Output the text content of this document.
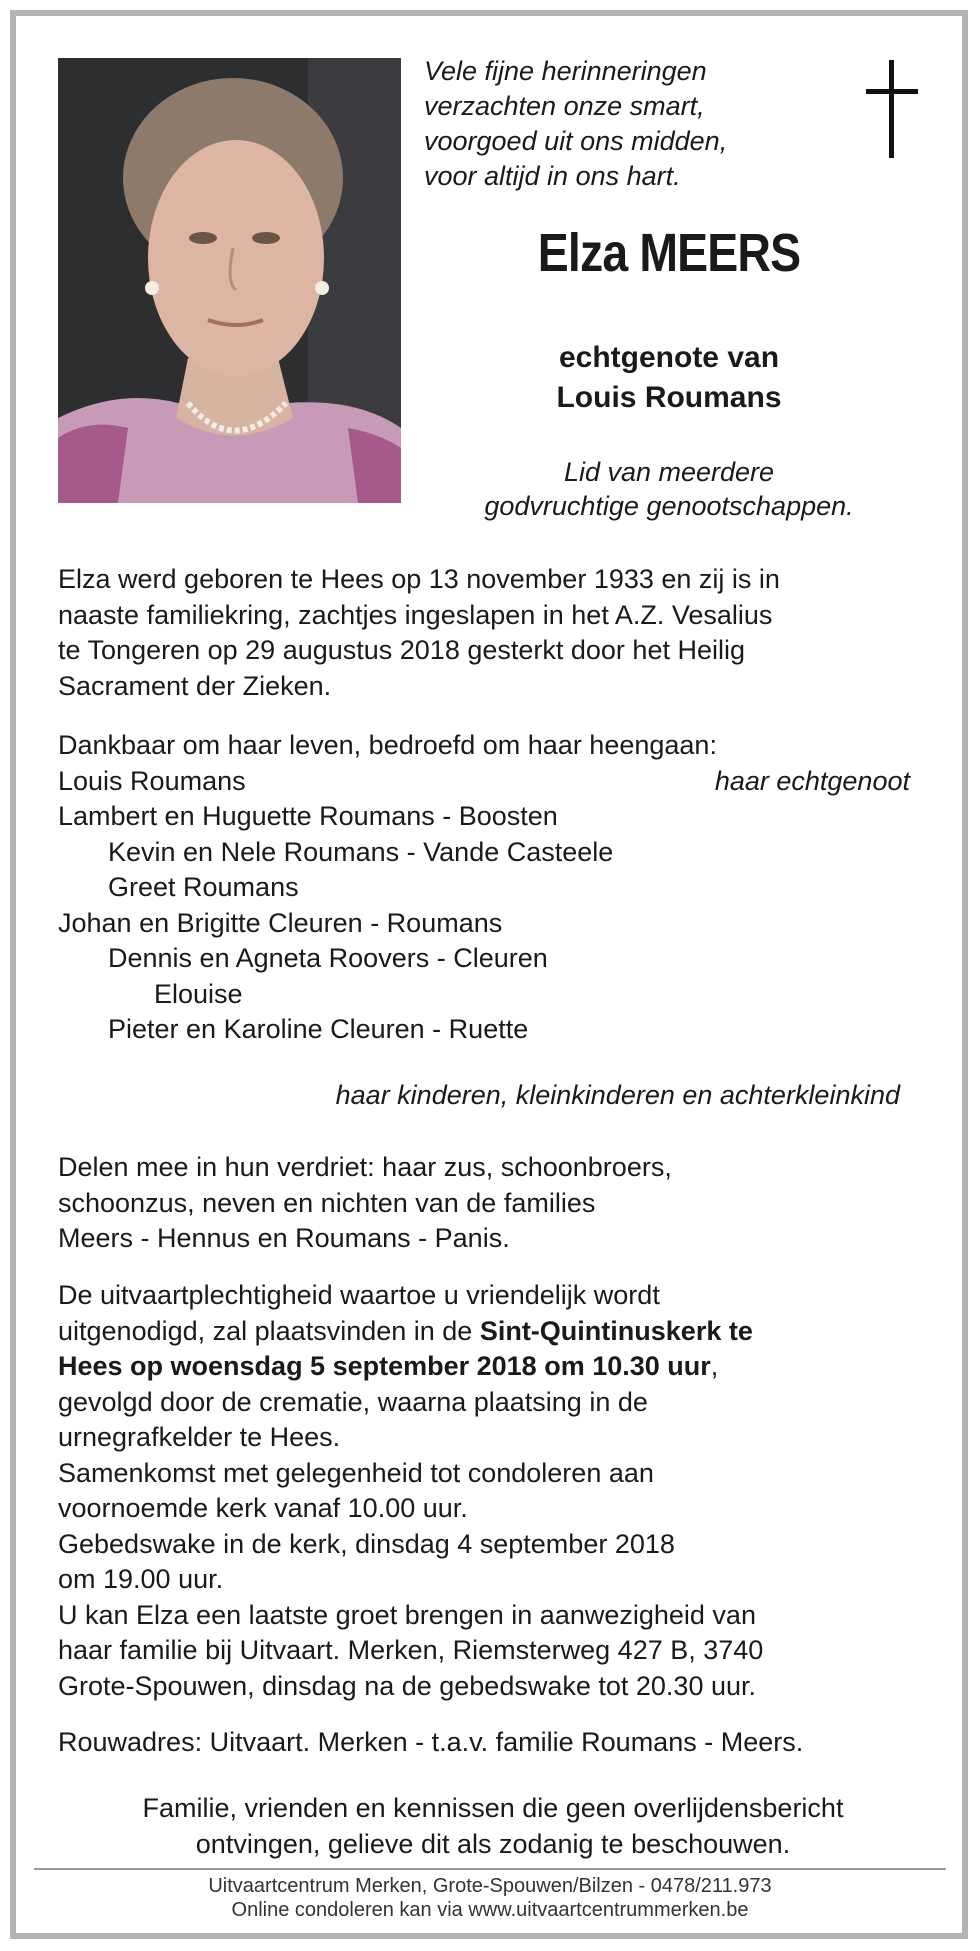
Vele fijne herinneringen
verzachten onze smart,
voorgoed uit ons midden,
voor altijd in ons hart.
Elza MEERS
echtgenote van
Louis Roumans
Lid van meerdere
godvruchtige genootschappen.
Elza werd geboren te Hees op 13 november 1933 en zij is in
naaste familiekring, zachtjes ingeslapen in het A.Z. Vesalius
te Tongeren op 29 augustus 2018 gesterkt door het Heilig
Sacrament der Zieken.
Dankbaar om haar leven, bedroefd om haar heengaan:
Louis Roumans	haar echtgenoot
Lambert en Huguette Roumans - Boosten
Kevin en Nele Roumans - Vande Casteele
Greet Roumans
Johan en Brigitte Cleuren - Roumans
Dennis en Agneta Roovers - Cleuren
Elouise
Pieter en Karoline Cleuren - Ruette
haar kinderen, kleinkinderen en achterkleinkind
Delen mee in hun verdriet: haar zus, schoonbroers,
schoonzus, neven en nichten van de families
Meers - Hennus en Roumans - Panis.
De uitvaartplechtigheid waartoe u vriendelijk wordt
uitgenodigd, zal plaatsvinden in de Sint-Quintinuskerk te
Hees op woensdag 5 september 2018 om 10.30 uur,
gevolgd door de crematie, waarna plaatsing in de
urnegrafkelder te Hees.
Samenkomst met gelegenheid tot condoleren aan
voornoemde kerk vanaf 10.00 uur.
Gebedswake in de kerk, dinsdag 4 september 2018
om 19.00 uur.
U kan Elza een laatste groet brengen in aanwezigheid van
haar familie bij Uitvaart. Merken, Riemsterweg 427 B, 3740
Grote-Spouwen, dinsdag na de gebedswake tot 20.30 uur.
Rouwadres: Uitvaart. Merken - t.a.v. familie Roumans - Meers.
Familie, vrienden en kennissen die geen overlijdensbericht
ontvingen, gelieve dit als zodanig te beschouwen.
Uitvaartcentrum Merken, Grote-Spouwen/Bilzen - 0478/211.973
Online condoleren kan via www.uitvaartcentrummerken.be
